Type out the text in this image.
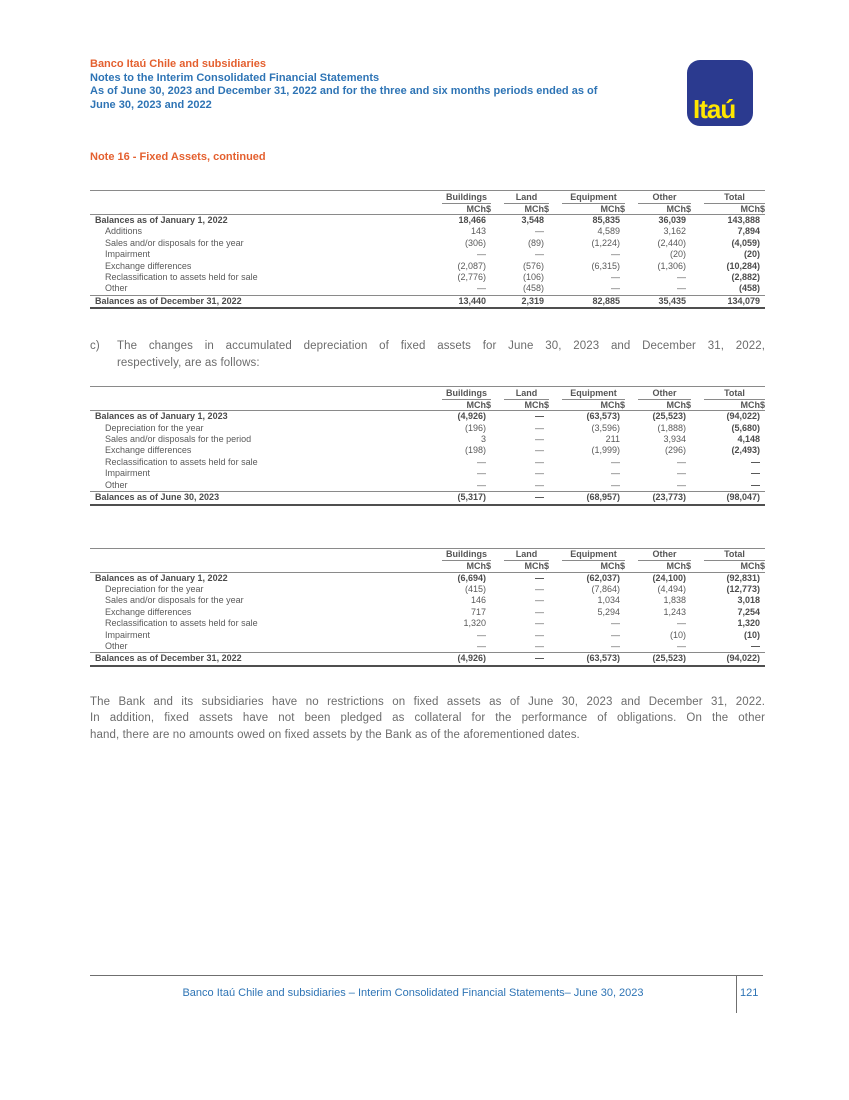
Banco Itaú Chile and subsidiaries
Notes to the Interim Consolidated Financial Statements
As of June 30, 2023 and December 31, 2022 and for the three and six months periods ended as of
June 30, 2023 and 2022	Itaú
Note 16 - Fixed Assets, continued

	Buildings	Land	Equipment	Other	Total

	MCh$	MCh$	MCh$	MCh$	MCh$
Balances as of January 1, 2022	18,466	3,548	85,835	36,039	143,888
Additions	143	—	4,589	3,162	7,894
Sales and/or disposals for the year	(306)	(89)	(1,224)	(2,440)	(4,059)
Impairment	—	—	—	(20)	(20)
Exchange differences	(2,087)	(576)	(6,315)	(1,306)	(10,284)
Reclassification to assets held for sale	(2,776)	(106)	—	—	(2,882)
Other	—	(458)	—	—	(458)
Balances as of December 31, 2022	13,440	2,319	82,885	35,435	134,079
c) The changes in accumulated depreciation of fixed assets for June 30, 2023 and December 31, 2022,
respectively, are as follows:

	Buildings	Land	Equipment	Other	Total

	MCh$	MCh$	MCh$	MCh$	MCh$
Balances as of January 1, 2023	(4,926)	—	(63,573)	(25,523)	(94,022)
Depreciation for the year	(196)	—	(3,596)	(1,888)	(5,680)
Sales and/or disposals for the period	3	—	211	3,934	4,148
Exchange differences	(198)	—	(1,999)	(296)	(2,493)
Reclassification to assets held for sale	—	—	—	—	—
Impairment	—	—	—	—	—
Other	—	—	—	—	—
Balances as of June 30, 2023	(5,317)	—	(68,957)	(23,773)	(98,047)

	Buildings	Land	Equipment	Other	Total

	MCh$	MCh$	MCh$	MCh$	MCh$
Balances as of January 1, 2022	(6,694)	—	(62,037)	(24,100)	(92,831)
Depreciation for the year	(415)	—	(7,864)	(4,494)	(12,773)
Sales and/or disposals for the year	146	—	1,034	1,838	3,018
Exchange differences	717	—	5,294	1,243	7,254
Reclassification to assets held for sale	1,320	—	—	—	1,320
Impairment	—	—	—	(10)	(10)
Other	—	—	—	—	—
Balances as of December 31, 2022	(4,926)	—	(63,573)	(25,523)	(94,022)
The Bank and its subsidiaries have no restrictions on fixed assets as of June 30, 2023 and December 31, 2022.
In addition, fixed assets have not been pledged as collateral for the performance of obligations. On the other
hand, there are no amounts owed on fixed assets by the Bank as of the aforementioned dates.
Banco Itaú Chile and subsidiaries – Interim Consolidated Financial Statements– June 30, 2023	121
